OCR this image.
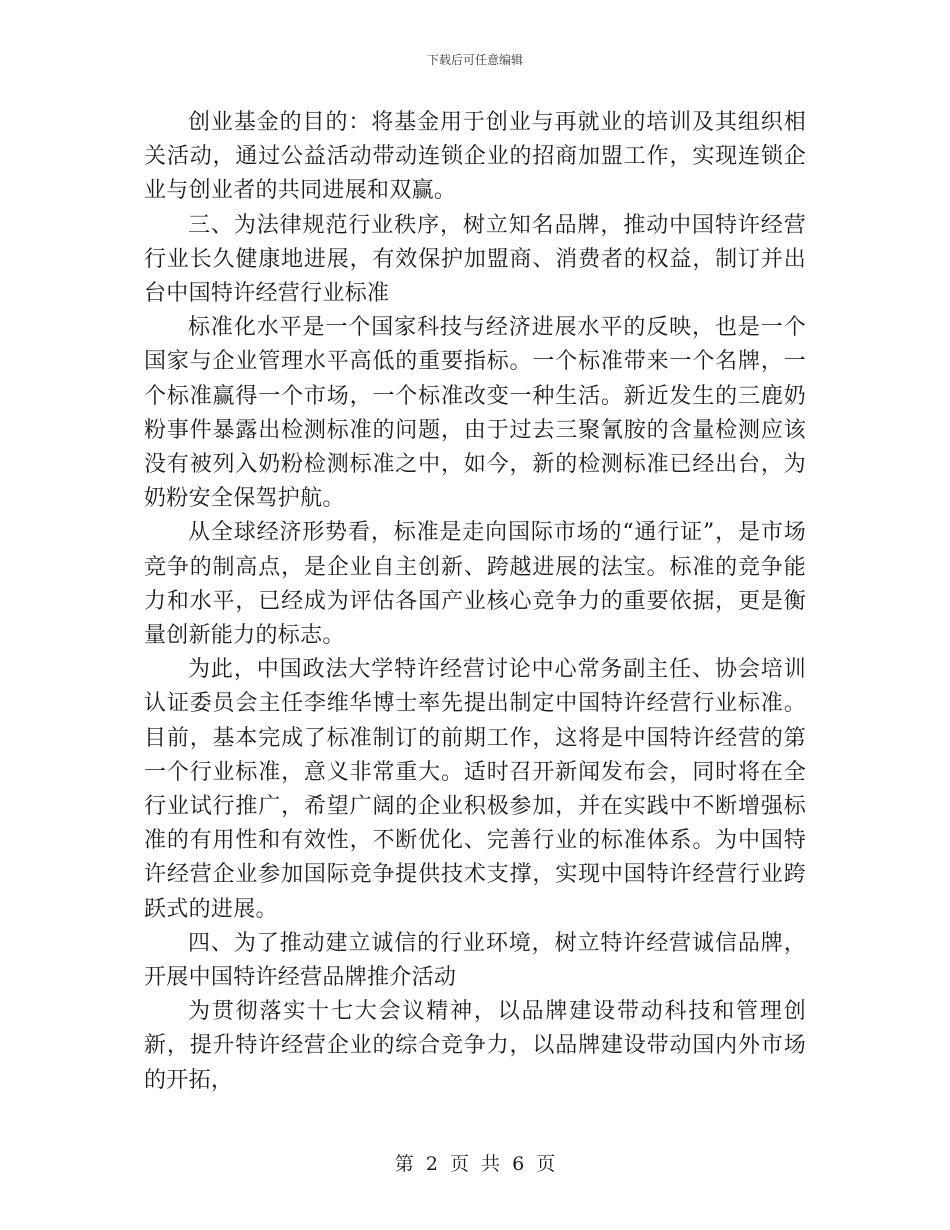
下载后可任意编辑

创业基金的目的：将基金用于创业与再就业的培训及其组织相关活动，通过公益活动带动连锁企业的招商加盟工作，实现连锁企业与创业者的共同进展和双赢。

三、为法律规范行业秩序，树立知名品牌，推动中国特许经营行业长久健康地进展，有效保护加盟商、消费者的权益，制订并出台中国特许经营行业标准

标准化水平是一个国家科技与经济进展水平的反映，也是一个国家与企业管理水平高低的重要指标。一个标准带来一个名牌，一个标准赢得一个市场，一个标准改变一种生活。新近发生的三鹿奶粉事件暴露出检测标准的问题，由于过去三聚氰胺的含量检测应该没有被列入奶粉检测标准之中，如今，新的检测标准已经出台，为奶粉安全保驾护航。

从全球经济形势看，标准是走向国际市场的“通行证”，是市场竞争的制高点，是企业自主创新、跨越进展的法宝。标准的竞争能力和水平，已经成为评估各国产业核心竞争力的重要依据，更是衡量创新能力的标志。

为此，中国政法大学特许经营讨论中心常务副主任、协会培训认证委员会主任李维华博士率先提出制定中国特许经营行业标准。目前，基本完成了标准制订的前期工作，这将是中国特许经营的第一个行业标准，意义非常重大。适时召开新闻发布会，同时将在全行业试行推广，希望广阔的企业积极参加，并在实践中不断增强标准的有用性和有效性，不断优化、完善行业的标准体系。为中国特许经营企业参加国际竞争提供技术支撑，实现中国特许经营行业跨跃式的进展。

四、为了推动建立诚信的行业环境，树立特许经营诚信品牌，开展中国特许经营品牌推介活动

为贯彻落实十七大会议精神，以品牌建设带动科技和管理创新，提升特许经营企业的综合竞争力，以品牌建设带动国内外市场的开拓，

第 2 页 共 6 页
